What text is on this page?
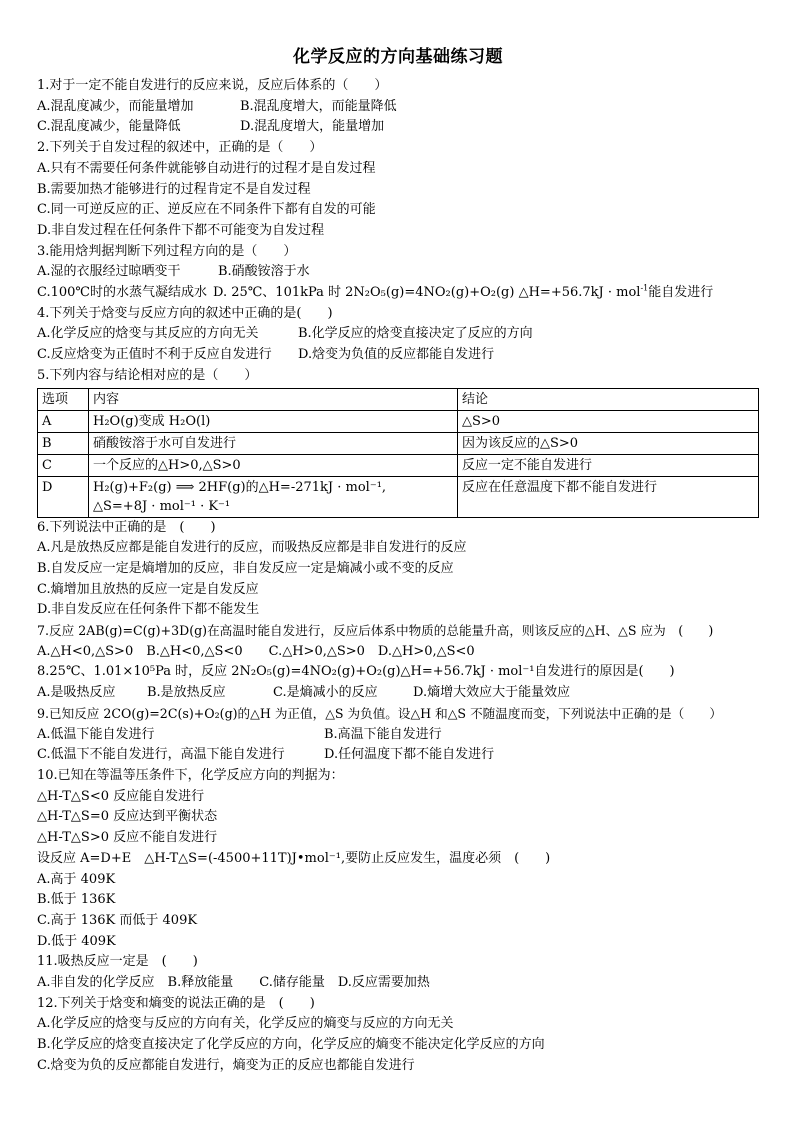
化学反应的方向基础练习题
1.对于一定不能自发进行的反应来说，反应后体系的（　　）
A.混乱度减少，而能量增加	B.混乱度增大，而能量降低
C.混乱度减少，能量降低	D.混乱度增大，能量增加
2.下列关于自发过程的叙述中，正确的是（　　）
A.只有不需要任何条件就能够自动进行的过程才是自发过程
B.需要加热才能够进行的过程肯定不是自发过程
C.同一可逆反应的正、逆反应在不同条件下都有自发的可能
D.非自发过程在任何条件下都不可能变为自发过程
3.能用焓判据判断下列过程方向的是（　　）
A.湿的衣服经过晾晒变干	B.硝酸铵溶于水
C.100℃时的水蒸气凝结成水 D. 25℃、101kPa 时 2N₂O₅(g)=4NO₂(g)+O₂(g) △H=+56.7kJ · mol$^{-1}$能自发进行
4.下列关于焓变与反应方向的叙述中正确的是(　　)
A.化学反应的焓变与其反应的方向无关	B.化学反应的焓变直接决定了反应的方向
C.反应焓变为正值时不利于反应自发进行	D.焓变为负值的反应都能自发进行
5.下列内容与结论相对应的是（　　）
选项	内容	结论
A	H₂O(g)变成 H₂O(l)	△S>0
B	硝酸铵溶于水可自发进行	因为该反应的△S>0
C	一个反应的△H>0,△S>0	反应一定不能自发进行
D	H₂(g)+F₂(g) ⟹ 2HF(g)的△H=-271kJ · mol⁻¹,
△S=+8J · mol⁻¹ · K⁻¹	反应在任意温度下都不能自发进行
6.下列说法中正确的是　(　　)
A.凡是放热反应都是能自发进行的反应，而吸热反应都是非自发进行的反应
B.自发反应一定是熵增加的反应，非自发反应一定是熵减小或不变的反应
C.熵增加且放热的反应一定是自发反应
D.非自发反应在任何条件下都不能发生
7.反应 2AB(g)=C(g)+3D(g)在高温时能自发进行，反应后体系中物质的总能量升高，则该反应的△H、△S 应为　(　　)
A.△H<0,△S>0　B.△H<0,△S<0　　C.△H>0,△S>0　D.△H>0,△S<0
8.25℃、1.01×10⁵Pa 时，反应 2N₂O₅(g)=4NO₂(g)+O₂(g)△H=+56.7kJ · mol⁻¹自发进行的原因是(　　)
A.是吸热反应	B.是放热反应	C.是熵减小的反应	D.熵增大效应大于能量效应
9.已知反应 2CO(g)=2C(s)+O₂(g)的△H 为正值，△S 为负值。设△H 和△S 不随温度而变，下列说法中正确的是（　　）
A.低温下能自发进行	B.高温下能自发进行
C.低温下不能自发进行，高温下能自发进行	D.任何温度下都不能自发进行
10.已知在等温等压条件下，化学反应方向的判据为：
△H-T△S<0 反应能自发进行
△H-T△S=0 反应达到平衡状态
△H-T△S>0 反应不能自发进行
设反应 A=D+E　△H-T△S=(-4500+11T)J•mol⁻¹,要防止反应发生，温度必须　(　　)
A.高于 409K
B.低于 136K
C.高于 136K 而低于 409K
D.低于 409K
11.吸热反应一定是　(　　)
A.非自发的化学反应　B.释放能量　　C.储存能量　D.反应需要加热
12.下列关于焓变和熵变的说法正确的是　(　　)
A.化学反应的焓变与反应的方向有关，化学反应的熵变与反应的方向无关
B.化学反应的焓变直接决定了化学反应的方向，化学反应的熵变不能决定化学反应的方向
C.焓变为负的反应都能自发进行，熵变为正的反应也都能自发进行
